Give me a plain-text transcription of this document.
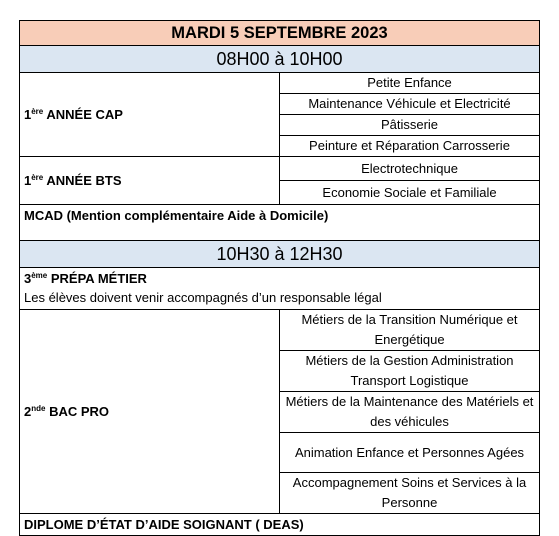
MARDI 5 SEPTEMBRE 2023	
08H00 à 10H00	
1ère ANNÉE CAP	Petite Enfance
	Maintenance Véhicule et Electricité
	Pâtisserie
	Peinture et Réparation Carrosserie
1ère ANNÉE BTS	Electrotechnique
	Economie Sociale et Familiale
MCAD (Mention complémentaire Aide à Domicile)	

10H30 à 12H30	

3ème PRÉPA MÉTIER
Les élèves doivent venir accompagnés d’un responsable légal	

2nde BAC PRO	Métiers de la Transition Numérique et Energétique
	Métiers de la Gestion Administration Transport Logistique
	Métiers de la Maintenance des Matériels et des véhicules
	Animation Enfance et Personnes Agées
	Accompagnement Soins et Services à la Personne
DIPLOME D’ÉTAT D’AIDE SOIGNANT ( DEAS)	
